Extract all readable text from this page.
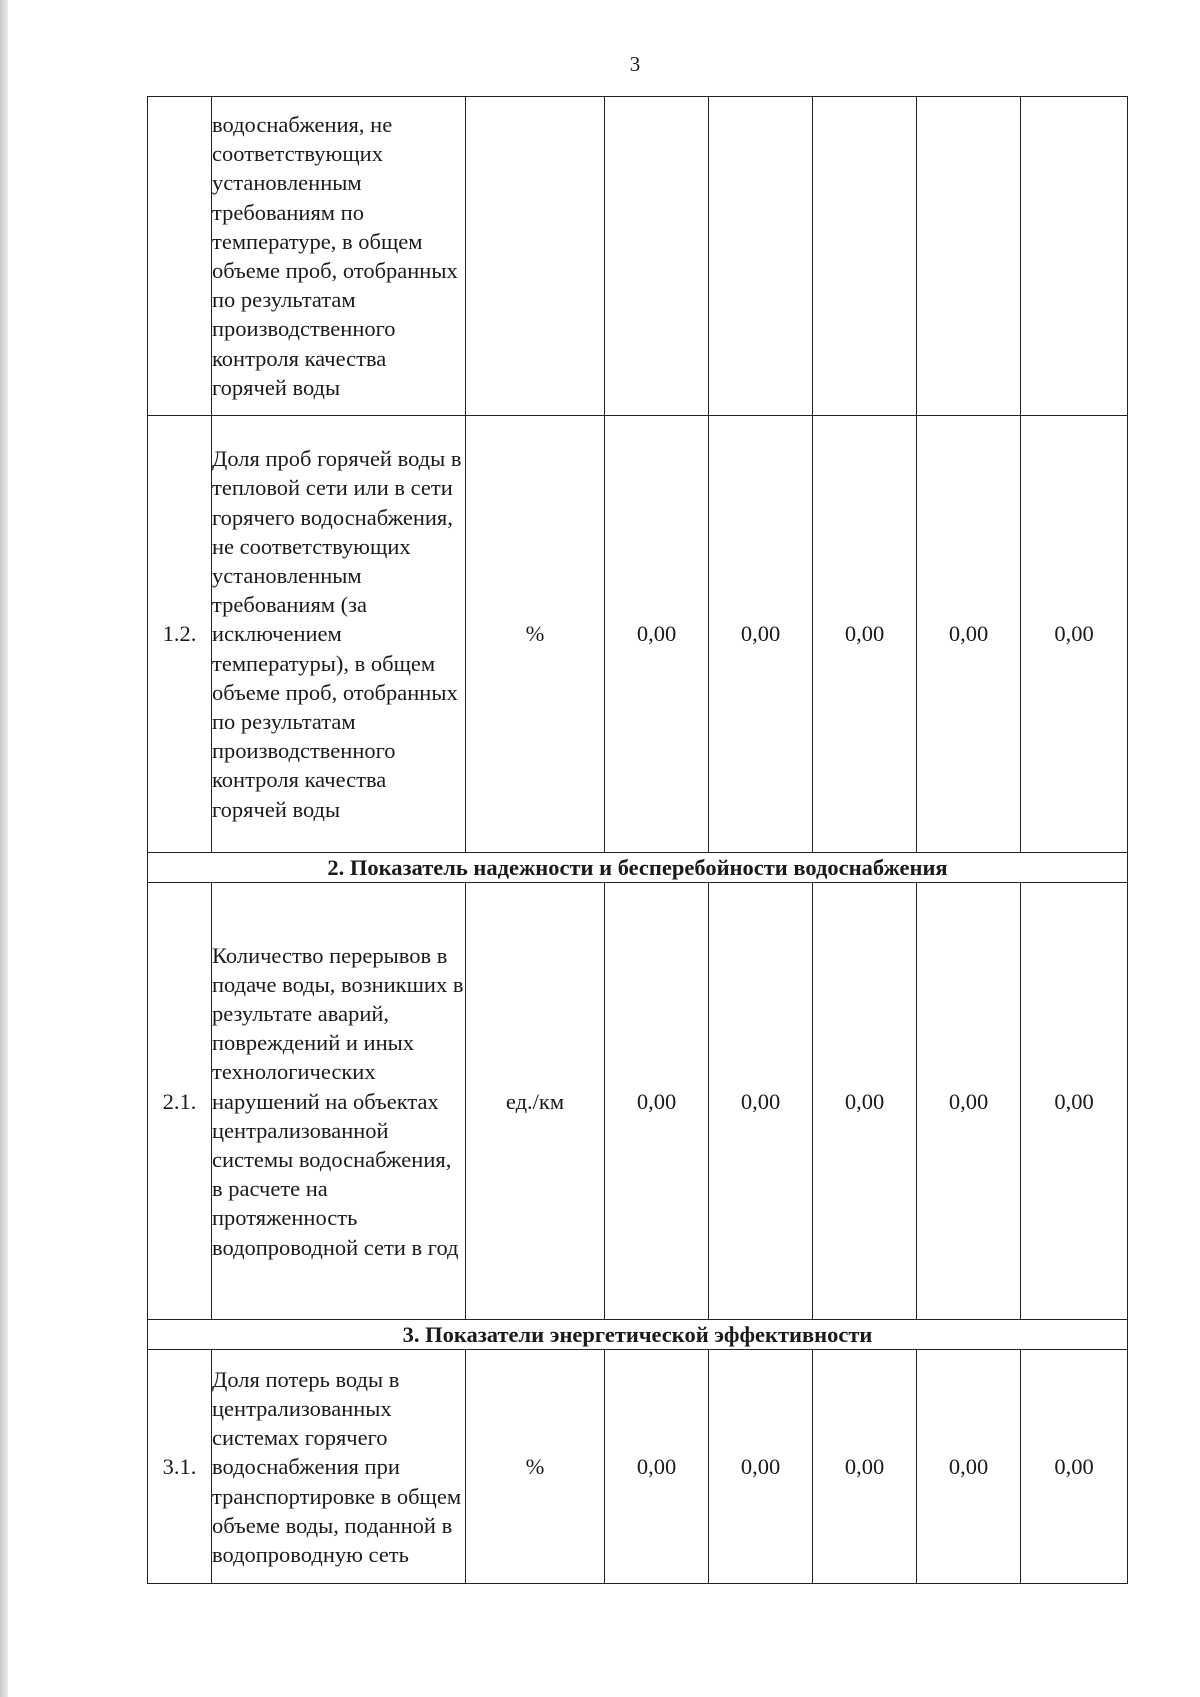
3
	водоснабжения, не соответствующих установленным требованиям по температуре, в общем объеме проб, отобранных по результатам производственного контроля качества горячей воды						
1.2.	Доля проб горячей воды в тепловой сети или в сети горячего водоснабжения, не соответствующих установленным требованиям (за исключением температуры), в общем объеме проб, отобранных по результатам производственного контроля качества горячей воды	%	0,00	0,00	0,00	0,00	0,00
2. Показатель надежности и бесперебойности водоснабжения							
2.1.	Количество перерывов в подаче воды, возникших в результате аварий, повреждений и иных технологических нарушений на объектах централизованной системы водоснабжения, в расчете на протяженность водопроводной сети в год	ед./км	0,00	0,00	0,00	0,00	0,00
3. Показатели энергетической эффективности							
3.1.	Доля потерь воды в централизованных системах горячего водоснабжения при транспортировке в общем объеме воды, поданной в водопроводную сеть	%	0,00	0,00	0,00	0,00	0,00
